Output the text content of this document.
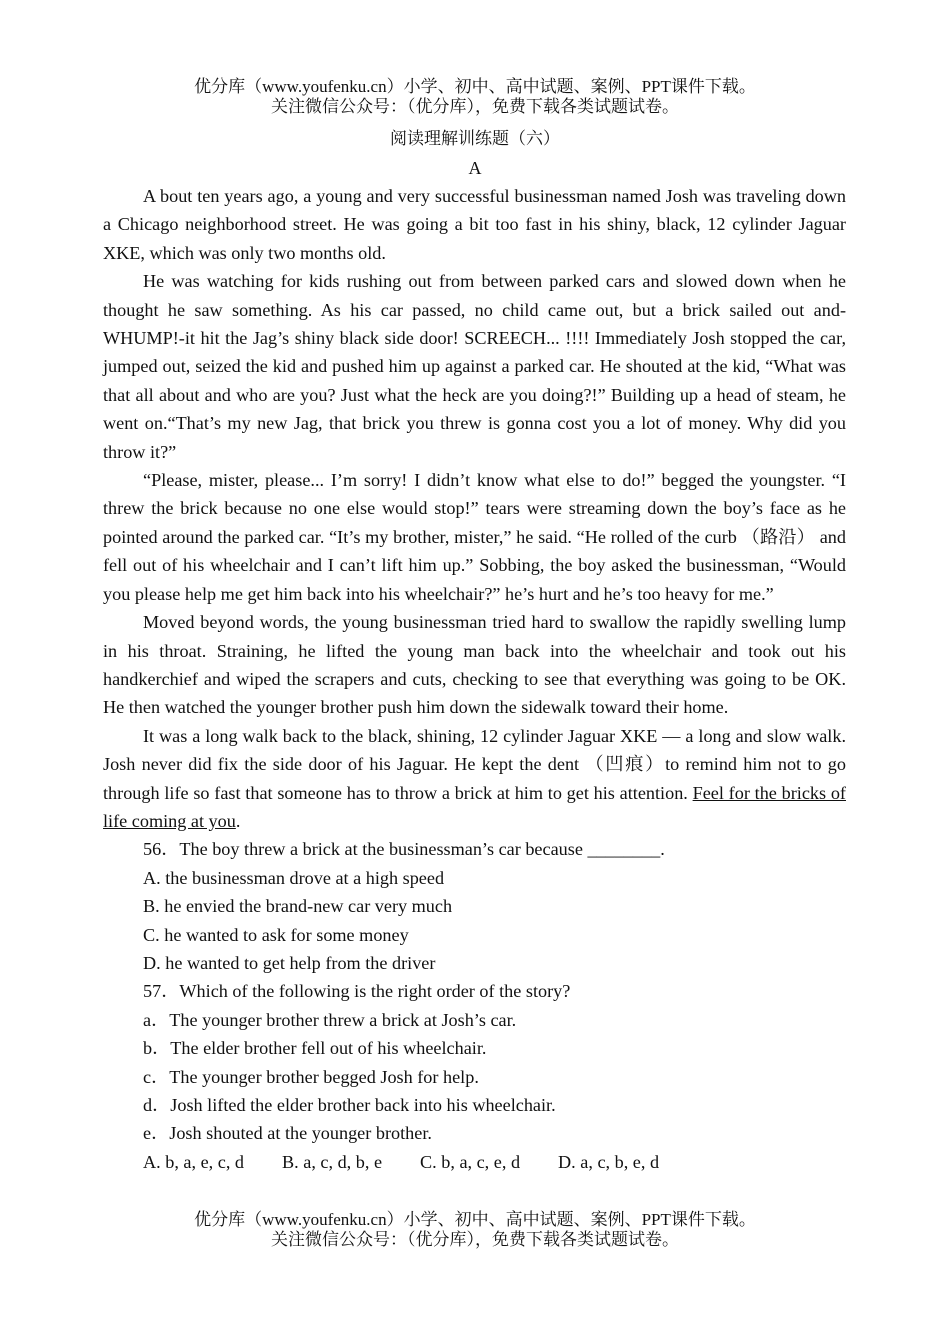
优分库（www.youfenku.cn）小学、初中、高中试题、案例、PPT课件下载。
关注微信公众号：（优分库），免费下载各类试题试卷。
阅读理解训练题（六）
A

A bout ten years ago, a young and very successful businessman named Josh was traveling down a Chicago neighborhood street. He was going a bit too fast in his shiny, black, 12 cylinder Jaguar XKE, which was only two months old.

He was watching for kids rushing out from between parked cars and slowed down when he thought he saw something. As his car passed, no child came out, but a brick sailed out and-WHUMP!-it hit the Jag’s shiny black side door! SCREECH... !!!! Immediately Josh stopped the car, jumped out, seized the kid and pushed him up against a parked car. He shouted at the kid, “What was that all about and who are you? Just what the heck are you doing?!” Building up a head of steam, he went on.“That’s my new Jag, that brick you threw is gonna cost you a lot of money. Why did you throw it?”

“Please, mister, please... I’m sorry! I didn’t know what else to do!” begged the youngster. “I threw the brick because no one else would stop!” tears were streaming down the boy’s face as he pointed around the parked car. “It’s my brother, mister,” he said. “He rolled of the curb （路沿） and fell out of his wheelchair and I can’t lift him up.” Sobbing, the boy asked the businessman, “Would you please help me get him back into his wheelchair?” he’s hurt and he’s too heavy for me.”

Moved beyond words, the young businessman tried hard to swallow the rapidly swelling lump in his throat. Straining, he lifted the young man back into the wheelchair and took out his handkerchief and wiped the scrapers and cuts, checking to see that everything was going to be OK. He then watched the younger brother push him down the sidewalk toward their home.

It was a long walk back to the black, shining, 12 cylinder Jaguar XKE — a long and slow walk. Josh never did fix the side door of his Jaguar. He kept the dent （凹痕）to remind him not to go through life so fast that someone has to throw a brick at him to get his attention. Feel for the bricks of life coming at you.

56．The boy threw a brick at the businessman’s car because ________.
A. the businessman drove at a high speed
B. he envied the brand-new car very much
C. he wanted to ask for some money
D. he wanted to get help from the driver
57．Which of the following is the right order of the story?
a．The younger brother threw a brick at Josh’s car.
b．The elder brother fell out of his wheelchair.
c．The younger brother begged Josh for help.
d．Josh lifted the elder brother back into his wheelchair.
e．Josh shouted at the younger brother.
A. b, a, e, c, d B. a, c, d, b, e C. b, a, c, e, d D. a, c, b, e, d
优分库（www.youfenku.cn）小学、初中、高中试题、案例、PPT课件下载。
关注微信公众号：（优分库），免费下载各类试题试卷。
